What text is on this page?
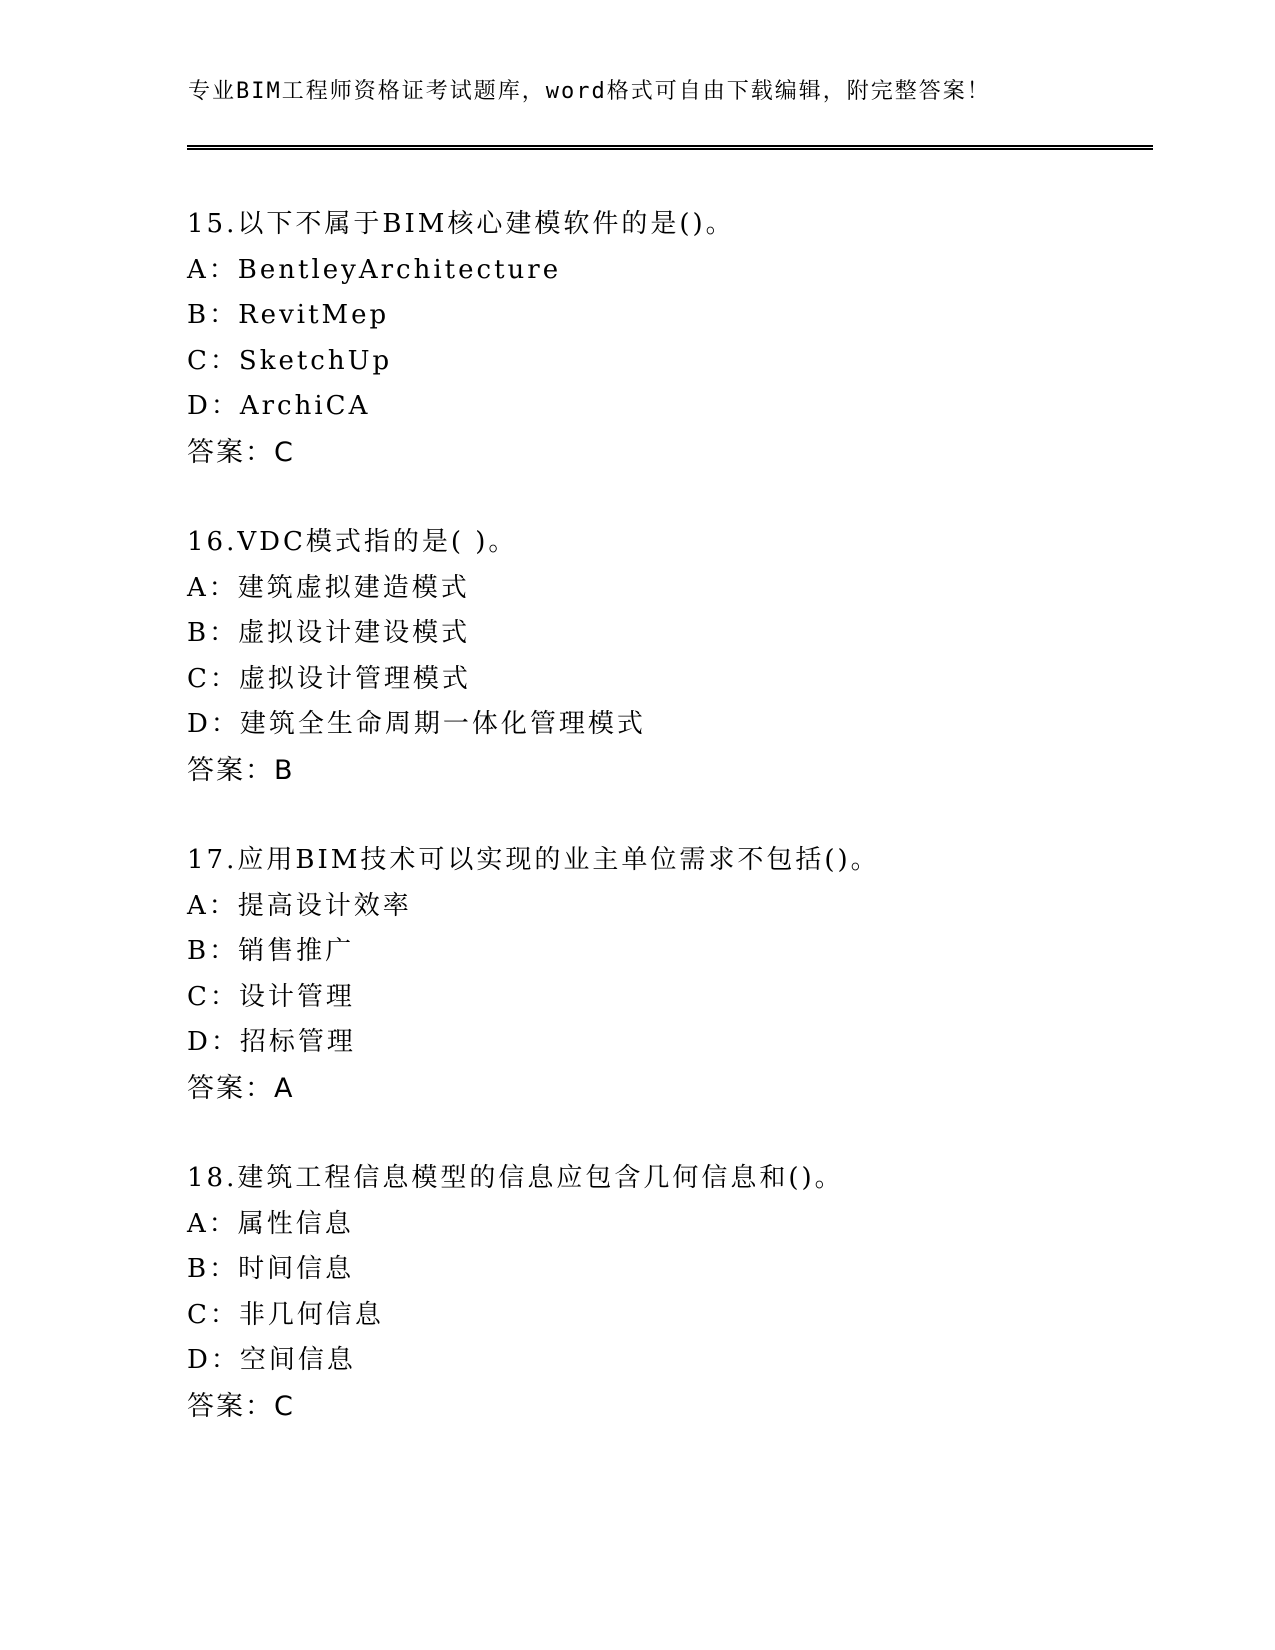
专业BIM工程师资格证考试题库，word格式可自由下载编辑，附完整答案！
15.以下不属于BIM核心建模软件的是()。
A：BentleyArchitecture
B：RevitMep
C：SketchUp
D：ArchiCA
答案：C
16.VDC模式指的是( )。
A：建筑虚拟建造模式
B：虚拟设计建设模式
C：虚拟设计管理模式
D：建筑全生命周期一体化管理模式
答案：B
17.应用BIM技术可以实现的业主单位需求不包括()。
A：提高设计效率
B：销售推广
C：设计管理
D：招标管理
答案：A
18.建筑工程信息模型的信息应包含几何信息和()。
A：属性信息
B：时间信息
C：非几何信息
D：空间信息
答案：C
